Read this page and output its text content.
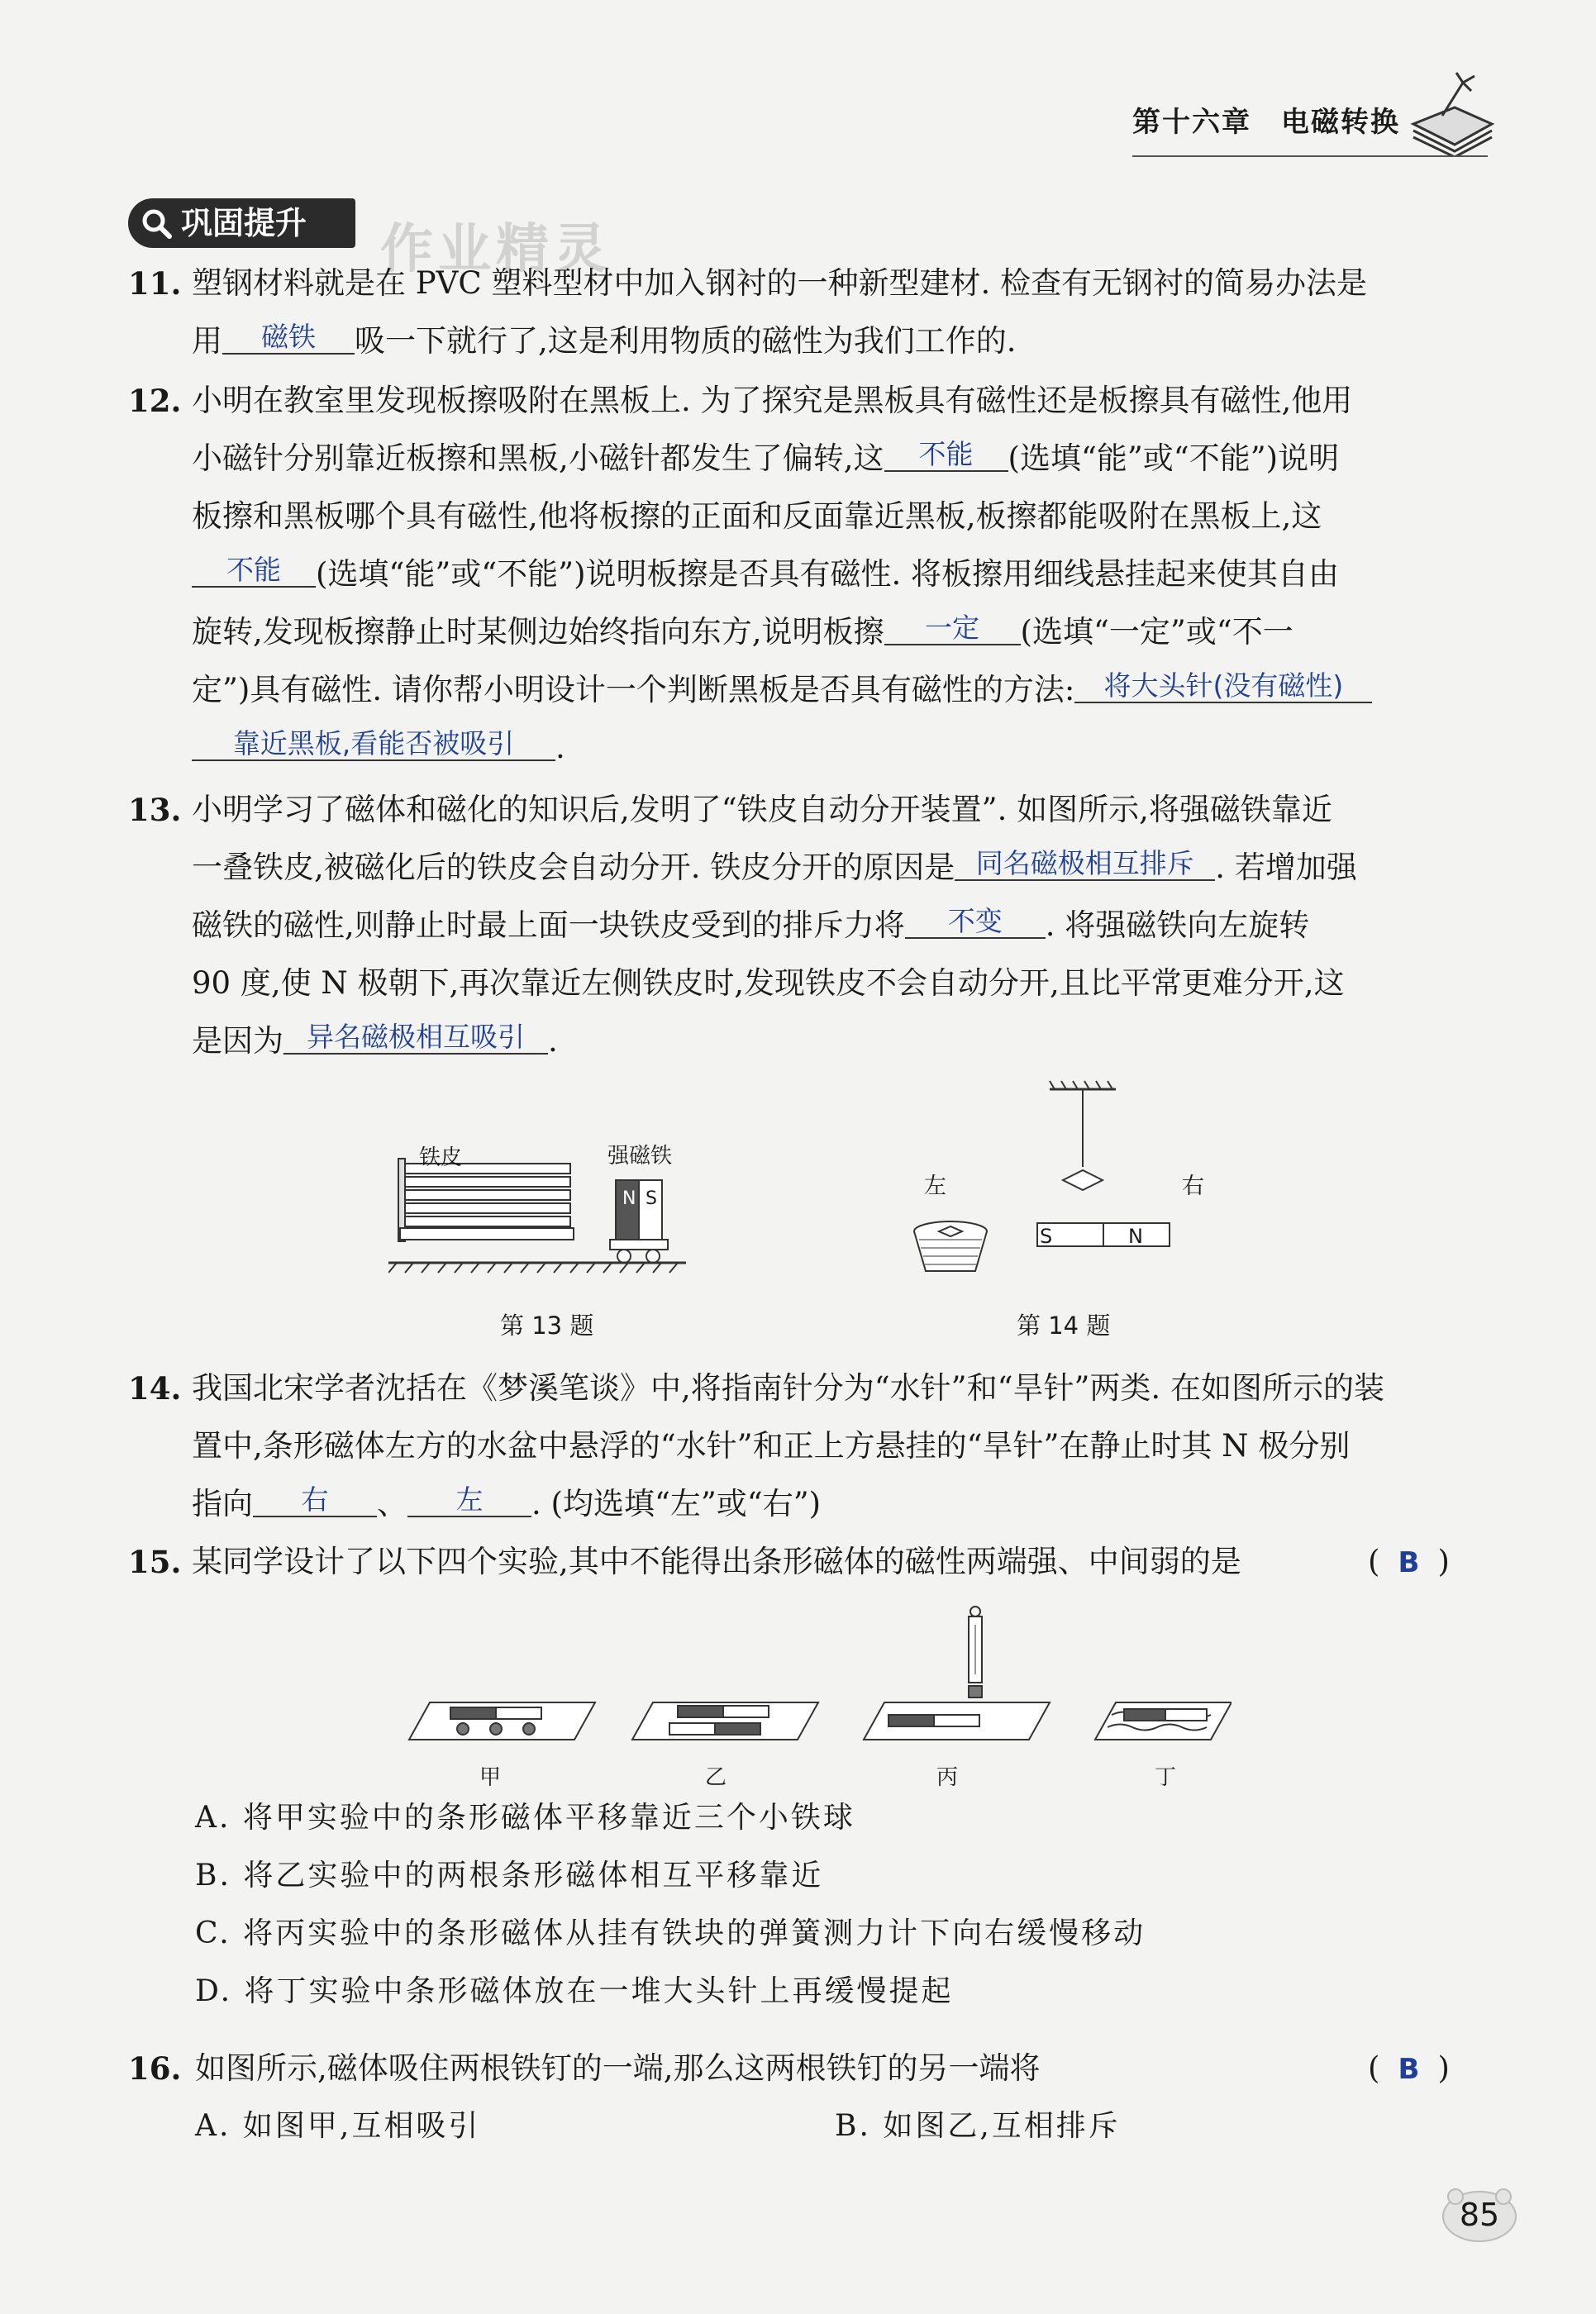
第十六章 电磁转换
巩固提升	作业精灵
11. 塑钢材料就是在 PVC 塑料型材中加入钢衬的一种新型建材. 检查有无钢衬的简易办法是
用 磁铁 吸一下就行了,这是利用物质的磁性为我们工作的.
12. 小明在教室里发现板擦吸附在黑板上. 为了探究是黑板具有磁性还是板擦具有磁性,他用
小磁针分别靠近板擦和黑板,小磁针都发生了偏转,这 不能 (选填“能”或“不能”)说明
板擦和黑板哪个具有磁性,他将板擦的正面和反面靠近黑板,板擦都能吸附在黑板上,这
不能 (选填“能”或“不能”)说明板擦是否具有磁性. 将板擦用细线悬挂起来使其自由
旋转,发现板擦静止时某侧边始终指向东方,说明板擦 一定 (选填“一定”或“不一
定”)具有磁性. 请你帮小明设计一个判断黑板是否具有磁性的方法: 将大头针(没有磁性)
靠近黑板,看能否被吸引 .
13. 小明学习了磁体和磁化的知识后,发明了“铁皮自动分开装置”. 如图所示,将强磁铁靠近
一叠铁皮,被磁化后的铁皮会自动分开. 铁皮分开的原因是 同名磁极相互排斥 . 若增加强
磁铁的磁性,则静止时最上面一块铁皮受到的排斥力将 不变 . 将强磁铁向左旋转
90 度,使 N 极朝下,再次靠近左侧铁皮时,发现铁皮不会自动分开,且比平常更难分开,这
是因为 异名磁极相互吸引 .
铁皮	强磁铁
N S
第 13 题
左	右
S	N
第 14 题
14. 我国北宋学者沈括在《梦溪笔谈》中,将指南针分为“水针”和“旱针”两类. 在如图所示的装
置中,条形磁体左方的水盆中悬浮的“水针”和正上方悬挂的“旱针”在静止时其 N 极分别
指向 右 、 左 . (均选填“左”或“右”)
15. 某同学设计了以下四个实验,其中不能得出条形磁体的磁性两端强、中间弱的是	( B )
甲	乙	丙	丁
A. 将甲实验中的条形磁体平移靠近三个小铁球
B. 将乙实验中的两根条形磁体相互平移靠近
C. 将丙实验中的条形磁体从挂有铁块的弹簧测力计下向右缓慢移动
D. 将丁实验中条形磁体放在一堆大头针上再缓慢提起
16. 如图所示,磁体吸住两根铁钉的一端,那么这两根铁钉的另一端将	( B )
A. 如图甲,互相吸引	B. 如图乙,互相排斥
85
